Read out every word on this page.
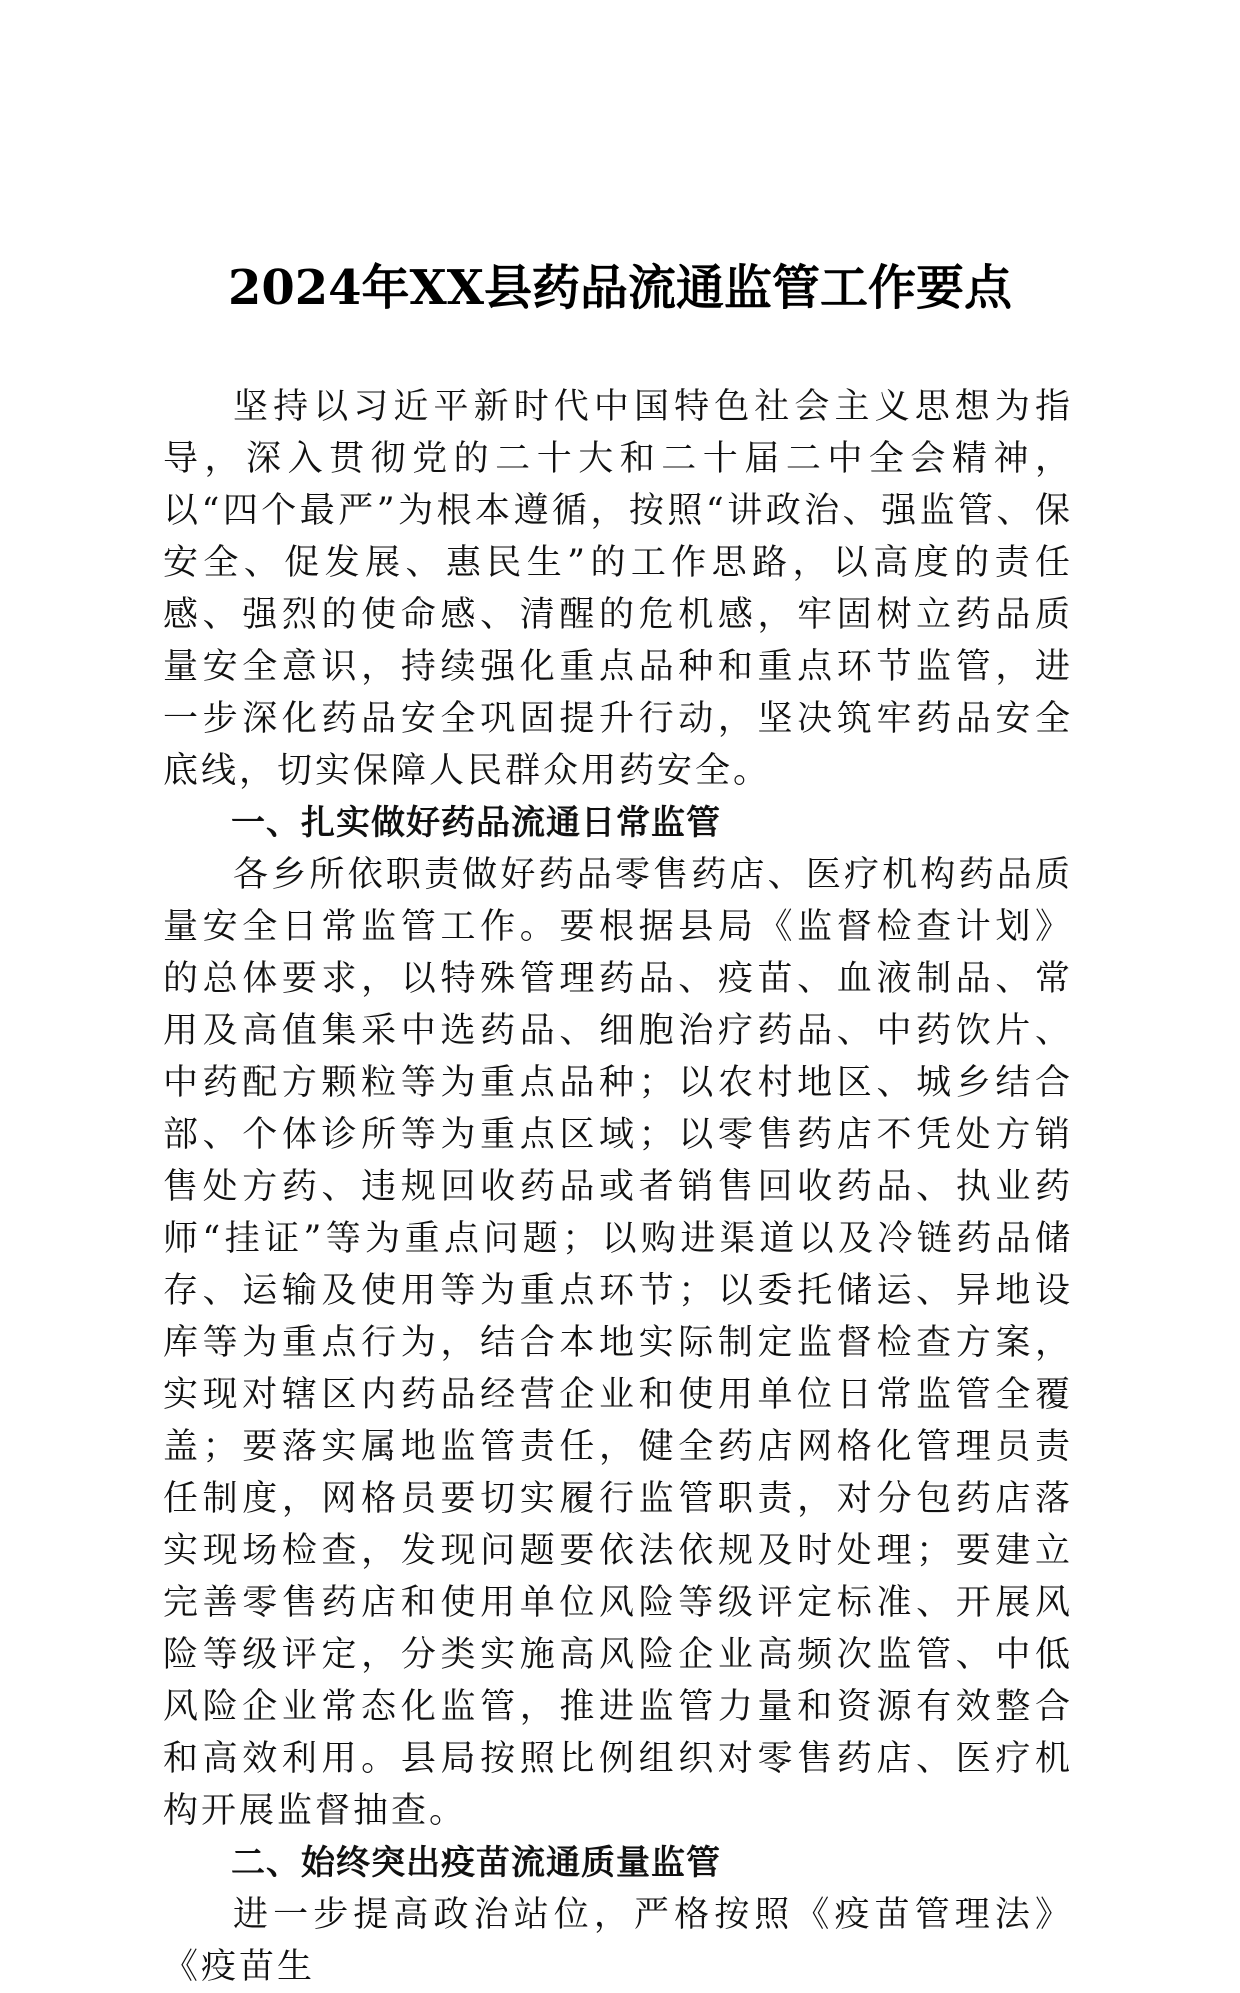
2024年XX县药品流通监管工作要点

坚持以习近平新时代中国特色社会主义思想为指导，深入贯彻党的二十大和二十届二中全会精神，以“四个最严”为根本遵循，按照“讲政治、强监管、保安全、促发展、惠民生”的工作思路，以高度的责任感、强烈的使命感、清醒的危机感，牢固树立药品质量安全意识，持续强化重点品种和重点环节监管，进一步深化药品安全巩固提升行动，坚决筑牢药品安全底线，切实保障人民群众用药安全。

一、扎实做好药品流通日常监管

各乡所依职责做好药品零售药店、医疗机构药品质量安全日常监管工作。要根据县局《监督检查计划》的总体要求，以特殊管理药品、疫苗、血液制品、常用及高值集采中选药品、细胞治疗药品、中药饮片、中药配方颗粒等为重点品种；以农村地区、城乡结合部、个体诊所等为重点区域；以零售药店不凭处方销售处方药、违规回收药品或者销售回收药品、执业药师“挂证”等为重点问题；以购进渠道以及冷链药品储存、运输及使用等为重点环节；以委托储运、异地设库等为重点行为，结合本地实际制定监督检查方案，实现对辖区内药品经营企业和使用单位日常监管全覆盖；要落实属地监管责任，健全药店网格化管理员责任制度，网格员要切实履行监管职责，对分包药店落实现场检查，发现问题要依法依规及时处理；要建立完善零售药店和使用单位风险等级评定标准、开展风险等级评定，分类实施高风险企业高频次监管、中低风险企业常态化监管，推进监管力量和资源有效整合和高效利用。县局按照比例组织对零售药店、医疗机构开展监督抽查。

二、始终突出疫苗流通质量监管

进一步提高政治站位，严格按照《疫苗管理法》《疫苗生
